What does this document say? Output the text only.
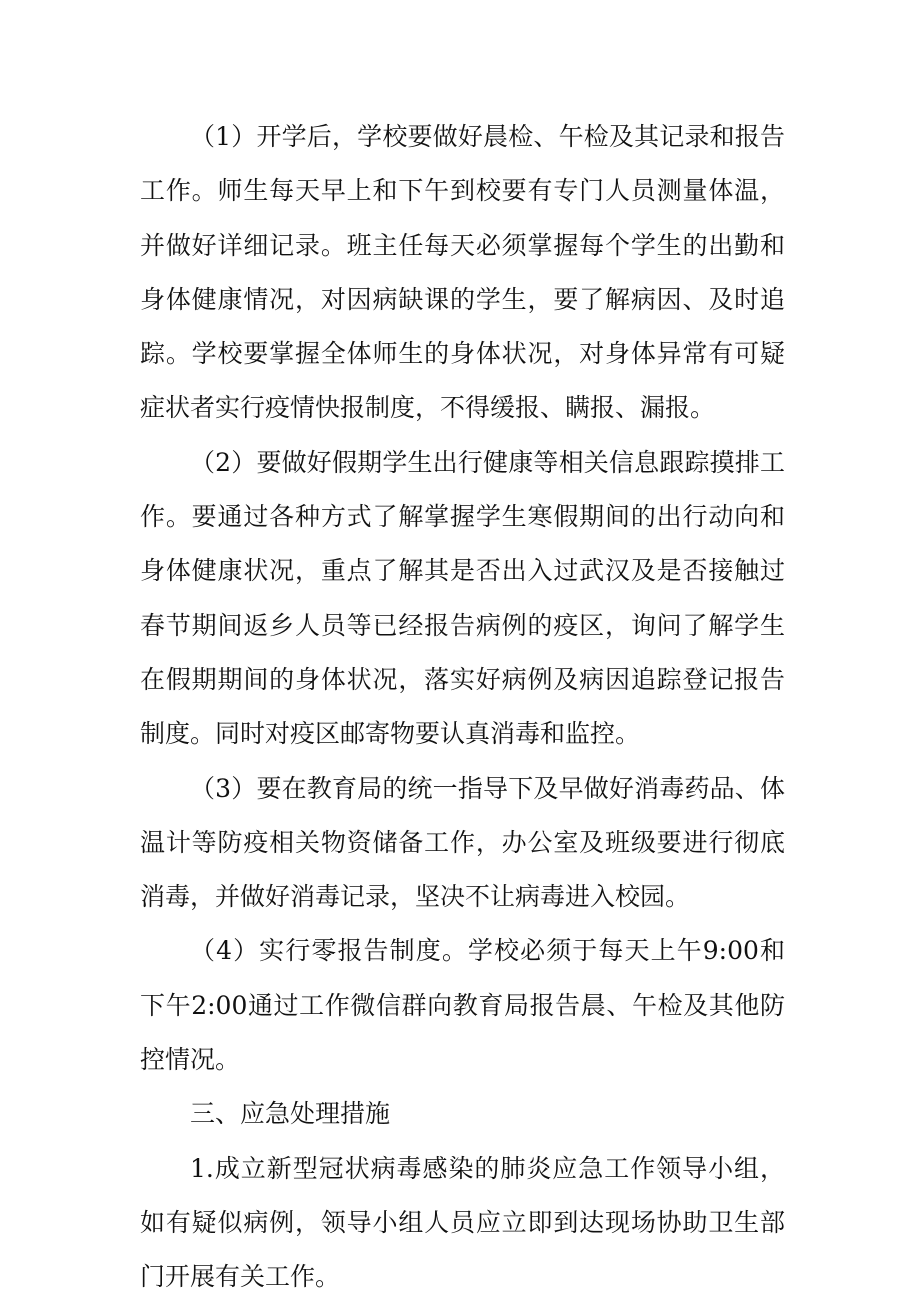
（1）开学后，学校要做好晨检、午检及其记录和报告工作。师生每天早上和下午到校要有专门人员测量体温，并做好详细记录。班主任每天必须掌握每个学生的出勤和身体健康情况，对因病缺课的学生，要了解病因、及时追踪。学校要掌握全体师生的身体状况，对身体异常有可疑症状者实行疫情快报制度，不得缓报、瞒报、漏报。

（2）要做好假期学生出行健康等相关信息跟踪摸排工作。要通过各种方式了解掌握学生寒假期间的出行动向和身体健康状况，重点了解其是否出入过武汉及是否接触过春节期间返乡人员等已经报告病例的疫区，询问了解学生在假期期间的身体状况，落实好病例及病因追踪登记报告制度。同时对疫区邮寄物要认真消毒和监控。

（3）要在教育局的统一指导下及早做好消毒药品、体温计等防疫相关物资储备工作，办公室及班级要进行彻底消毒，并做好消毒记录，坚决不让病毒进入校园。

（4）实行零报告制度。学校必须于每天上午9:00和下午2:00通过工作微信群向教育局报告晨、午检及其他防控情况。

三、应急处理措施

1.成立新型冠状病毒感染的肺炎应急工作领导小组，如有疑似病例，领导小组人员应立即到达现场协助卫生部门开展有关工作。
